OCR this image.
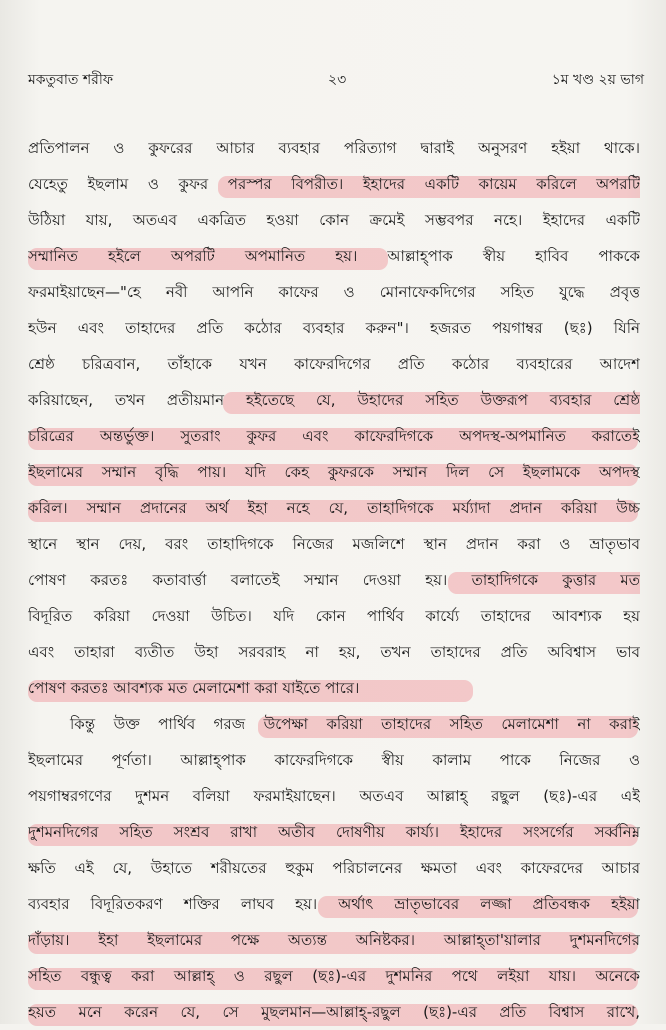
মকতুবাত শরীফ	২৩	১ম খণ্ড ২য় ভাগ
প্রতিপালন ও কুফরের আচার ব্যবহার পরিত্যাগ দ্বারাই অনুসরণ হইয়া থাকে।
যেহেতু ইছলাম ও কুফর পরস্পর বিপরীত। ইহাদের একটি কায়েম করিলে অপরটি
উঠিয়া যায়, অতএব একত্রিত হওয়া কোন ক্রমেই সম্ভবপর নহে। ইহাদের একটি
সম্মানিত হইলে অপরটি অপমানিত হয়। আল্লাহ্পাক স্বীয় হাবিব পাককে
ফরমাইয়াছেন—"হে নবী আপনি কাফের ও মোনাফেকদিগের সহিত যুদ্ধে প্রবৃত্ত
হউন এবং তাহাদের প্রতি কঠোর ব্যবহার করুন"। হজরত পয়গাম্বর (ছঃ) যিনি
শ্রেষ্ঠ চরিত্রবান, তাঁহাকে যখন কাফেরদিগের প্রতি কঠোর ব্যবহারের আদেশ
করিয়াছেন, তখন প্রতীয়মান হইতেছে যে, উহাদের সহিত উক্তরূপ ব্যবহার শ্রেষ্ঠ
চরিত্রের অন্তর্ভুক্ত। সুতরাং কুফর এবং কাফেরদিগকে অপদস্থ-অপমানিত করাতেই
ইছলামের সম্মান বৃদ্ধি পায়। যদি কেহ কুফরকে সম্মান দিল সে ইছলামকে অপদস্থ
করিল। সম্মান প্রদানের অর্থ ইহা নহে যে, তাহাদিগকে মর্য্যাদা প্রদান করিয়া উচ্চ
স্থানে স্থান দেয়, বরং তাহাদিগকে নিজের মজলিশে স্থান প্রদান করা ও ভ্রাতৃভাব
পোষণ করতঃ কতাবার্ত্তা বলাতেই সম্মান দেওয়া হয়। তাহাদিগকে কুত্তার মত
বিদূরিত করিয়া দেওয়া উচিত। যদি কোন পার্থিব কার্য্যে তাহাদের আবশ্যক হয়
এবং তাহারা ব্যতীত উহা সরবরাহ না হয়, তখন তাহাদের প্রতি অবিশ্বাস ভাব
পোষণ করতঃ আবশ্যক মত মেলামেশা করা যাইতে পারে।
কিন্তু উক্ত পার্থিব গরজ উপেক্ষা করিয়া তাহাদের সহিত মেলামেশা না করাই
ইছলামের পূর্ণতা। আল্লাহ্পাক কাফেরদিগকে স্বীয় কালাম পাকে নিজের ও
পয়গাম্বরগণের দুশমন বলিয়া ফরমাইয়াছেন। অতএব আল্লাহ্ রছুল (ছঃ)-এর এই
দুশমনদিগের সহিত সংশ্রব রাখা অতীব দোষণীয় কার্য্য। ইহাদের সংসর্গের সর্ব্বনিম্ন
ক্ষতি এই যে, উহাতে শরীয়তের হুকুম পরিচালনের ক্ষমতা এবং কাফেরদের আচার
ব্যবহার বিদূরিতকরণ শক্তির লাঘব হয়। অর্থাৎ ভ্রাতৃভাবের লজ্জা প্রতিবন্ধক হইয়া
দাঁড়ায়। ইহা ইছলামের পক্ষে অত্যন্ত অনিষ্টকর। আল্লাহ্তা'য়ালার দুশমনদিগের
সহিত বন্ধুত্ব করা আল্লাহ্ ও রছুল (ছঃ)-এর দুশমনির পথে লইয়া যায়। অনেকে
হয়ত মনে করেন যে, সে মুছলমান—আল্লাহ্-রছুল (ছঃ)-এর প্রতি বিশ্বাস রাখে,
